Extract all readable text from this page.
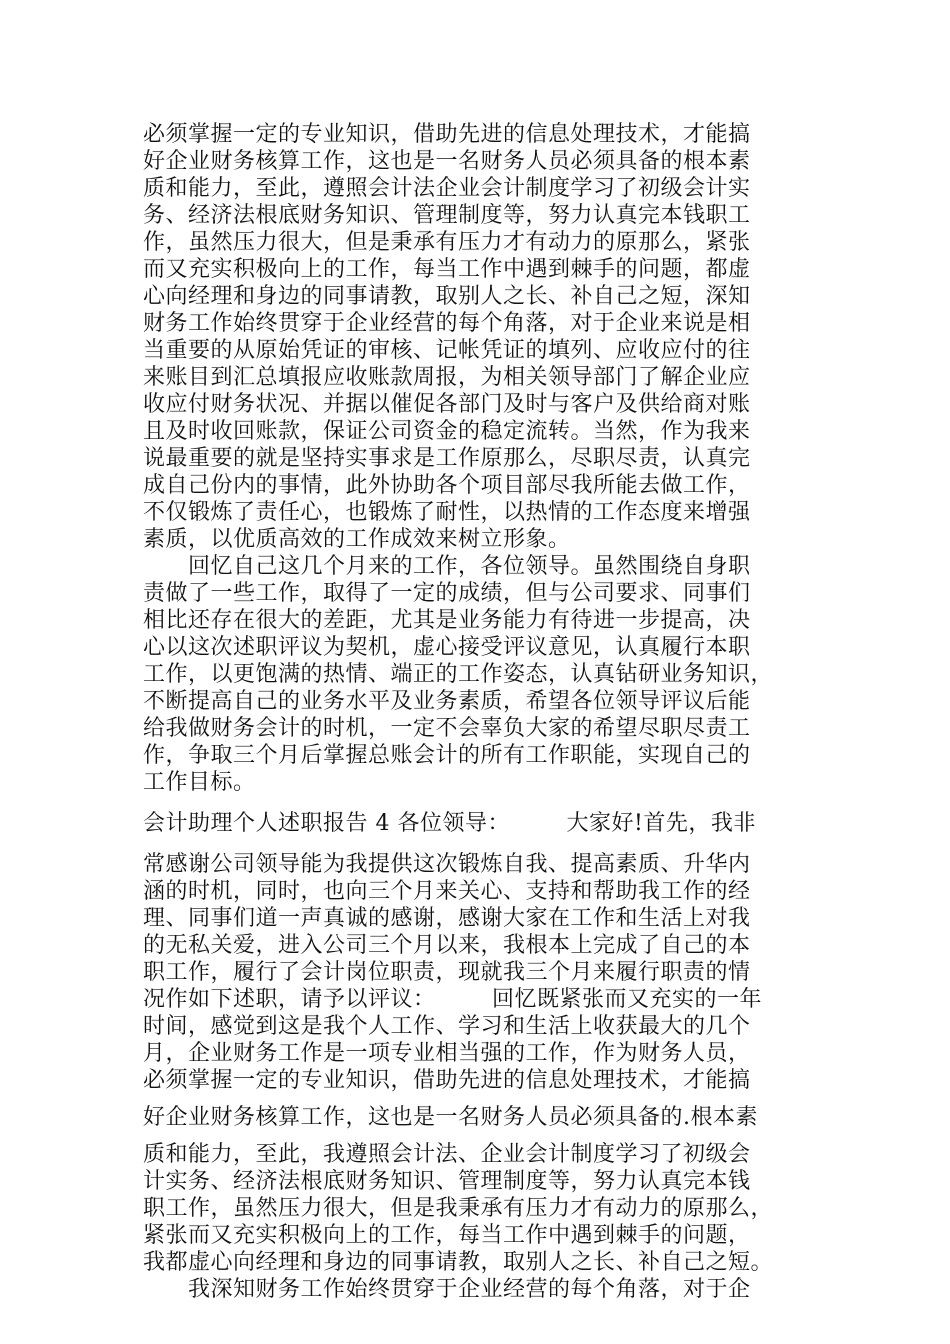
必须掌握一定的专业知识，借助先进的信息处理技术，才能搞
好企业财务核算工作，这也是一名财务人员必须具备的根本素
质和能力，至此，遵照会计法企业会计制度学习了初级会计实
务、经济法根底财务知识、管理制度等，努力认真完本钱职工
作，虽然压力很大，但是秉承有压力才有动力的原那么，紧张
而又充实积极向上的工作，每当工作中遇到棘手的问题，都虚
心向经理和身边的同事请教，取别人之长、补自己之短，深知
财务工作始终贯穿于企业经营的每个角落，对于企业来说是相
当重要的从原始凭证的审核、记帐凭证的填列、应收应付的往
来账目到汇总填报应收账款周报，为相关领导部门了解企业应
收应付财务状况、并据以催促各部门及时与客户及供给商对账
且及时收回账款，保证公司资金的稳定流转。当然，作为我来
说最重要的就是坚持实事求是工作原那么，尽职尽责，认真完
成自己份内的事情，此外协助各个项目部尽我所能去做工作，
不仅锻炼了责任心，也锻炼了耐性，以热情的工作态度来增强
素质，以优质高效的工作成效来树立形象。
　　回忆自己这几个月来的工作，各位领导。虽然围绕自身职
责做了一些工作，取得了一定的成绩，但与公司要求、同事们
相比还存在很大的差距，尤其是业务能力有待进一步提高，决
心以这次述职评议为契机，虚心接受评议意见，认真履行本职
工作，以更饱满的热情、端正的工作姿态，认真钻研业务知识，
不断提高自己的业务水平及业务素质，希望各位领导评议后能
给我做财务会计的时机，一定不会辜负大家的希望尽职尽责工
作，争取三个月后掌握总账会计的所有工作职能，实现自己的
工作目标。
会计助理个人述职报告 4 各位领导：　　　大家好!首先，我非
常感谢公司领导能为我提供这次锻炼自我、提高素质、升华内
涵的时机，同时，也向三个月来关心、支持和帮助我工作的经
理、同事们道一声真诚的感谢，感谢大家在工作和生活上对我
的无私关爱，进入公司三个月以来，我根本上完成了自己的本
职工作，履行了会计岗位职责，现就我三个月来履行职责的情
况作如下述职，请予以评议：　　　回忆既紧张而又充实的一年
时间，感觉到这是我个人工作、学习和生活上收获最大的几个
月，企业财务工作是一项专业相当强的工作，作为财务人员，
必须掌握一定的专业知识，借助先进的信息处理技术，才能搞
好企业财务核算工作，这也是一名财务人员必须具备的.根本素
质和能力，至此，我遵照会计法、企业会计制度学习了初级会
计实务、经济法根底财务知识、管理制度等，努力认真完本钱
职工作，虽然压力很大，但是我秉承有压力才有动力的原那么，
紧张而又充实积极向上的工作，每当工作中遇到棘手的问题，
我都虚心向经理和身边的同事请教，取别人之长、补自己之短。
　　我深知财务工作始终贯穿于企业经营的每个角落，对于企
